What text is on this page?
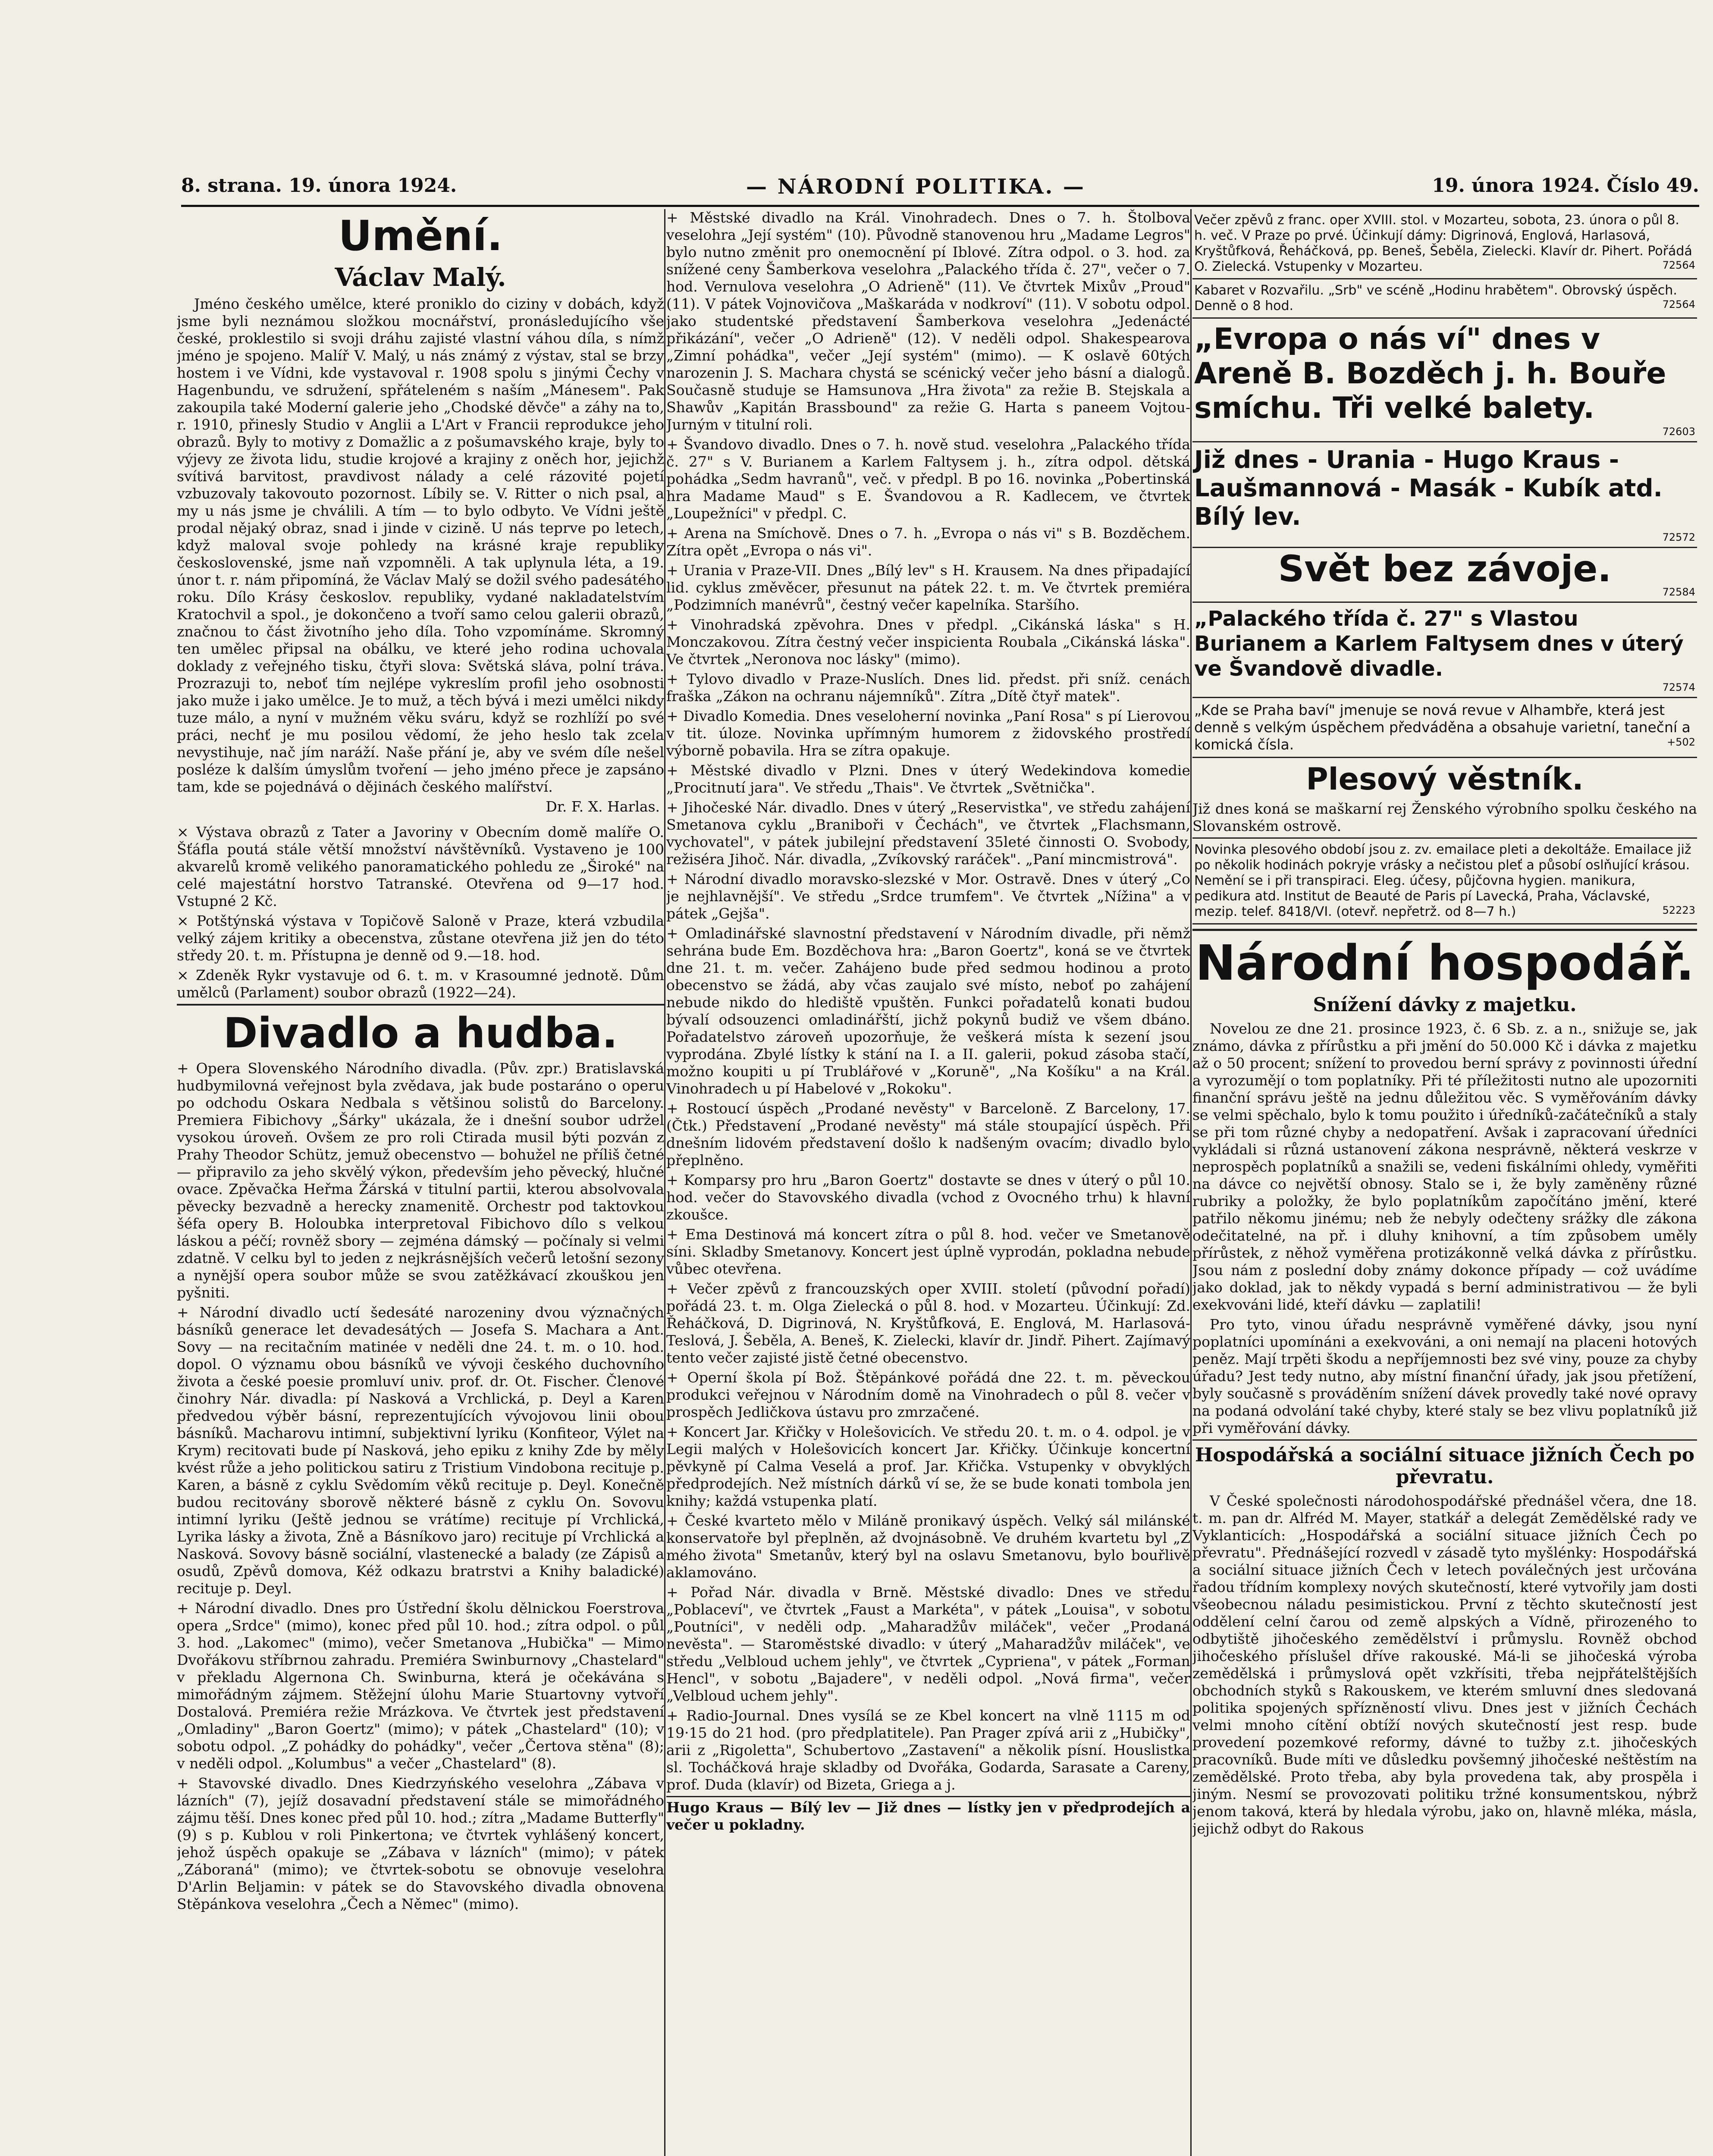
8. strana. 19. února 1924.	— NÁRODNÍ POLITIKA. —	19. února 1924. Číslo 49.
Umění.
Václav Malý.

Jméno českého umělce, které proniklo do ciziny v dobách, když jsme byli neznámou složkou mocnářství, pronásledujícího vše české, proklestilo si svoji dráhu zajisté vlastní váhou díla, s nímž jméno je spojeno. Malíř V. Malý, u nás známý z výstav, stal se brzy hostem i ve Vídni, kde vystavoval r. 1908 spolu s jinými Čechy v Hagenbundu, ve sdružení, spřáteleném s naším „Mánesem". Pak zakoupila také Moderní galerie jeho „Chodské děvče" a záhy na to, r. 1910, přinesly Studio v Anglii a L'Art v Francii reprodukce jeho obrazů. Byly to motivy z Domažlic a z pošumavského kraje, byly to výjevy ze života lidu, studie krojové a krajiny z oněch hor, jejichž svítivá barvitost, pravdivost nálady a celé rázovité pojetí vzbuzovaly takovouto pozornost. Líbily se. V. Ritter o nich psal, a my u nás jsme je chválili. A tím — to bylo odbyto. Ve Vídni ještě prodal nějaký obraz, snad i jinde v cizině. U nás teprve po letech, když maloval svoje pohledy na krásné kraje republiky československé, jsme naň vzpomněli. A tak uplynula léta, a 19. únor t. r. nám připomíná, že Václav Malý se dožil svého padesátého roku. Dílo Krásy českoslov. republiky, vydané nakladatelstvím Kratochvil a spol., je dokončeno a tvoří samo celou galerii obrazů, značnou to část životního jeho díla. Toho vzpomínáme. Skromný ten umělec připsal na obálku, ve které jeho rodina uchovala doklady z veřejného tisku, čtyři slova: Světská sláva, polní tráva. Prozrazuji to, neboť tím nejlépe vykreslím profil jeho osobnosti jako muže i jako umělce. Je to muž, a těch bývá i mezi umělci nikdy tuze málo, a nyní v mužném věku sváru, když se rozhlíží po své práci, nechť je mu posilou vědomí, že jeho heslo tak zcela nevystihuje, nač jím naráží. Naše přání je, aby ve svém díle nešel posléze k dalším úmyslům tvoření — jeho jméno přece je zapsáno tam, kde se pojednává o dějinách českého malířství.

Dr. F. X. Harlas.

× Výstava obrazů z Tater a Javoriny v Obecním domě malíře O. Šťáfla poutá stále větší množství návštěvníků. Vystaveno je 100 akvarelů kromě velikého panoramatického pohledu ze „Široké" na celé majestátní horstvo Tatranské. Otevřena od 9—17 hod. Vstupné 2 Kč.

× Potštýnská výstava v Topičově Saloně v Praze, která vzbudila velký zájem kritiky a obecenstva, zůstane otevřena již jen do této středy 20. t. m. Přístupna je denně od 9.—18. hod.

× Zdeněk Rykr vystavuje od 6. t. m. v Krasoumné jednotě. Dům umělců (Parlament) soubor obrazů (1922—24).

Divadlo a hudba.

+ Opera Slovenského Národního divadla. (Pův. zpr.) Bratislavská hudbymilovná veřejnost byla zvědava, jak bude postaráno o operu po odchodu Oskara Nedbala s většinou solistů do Barcelony. Premiera Fibichovy „Šárky" ukázala, že i dnešní soubor udržel vysokou úroveň. Ovšem ze pro roli Ctirada musil býti pozván z Prahy Theodor Schütz, jemuž obecenstvo — bohužel ne příliš četné — připravilo za jeho skvělý výkon, především jeho pěvecký, hlučné ovace. Zpěvačka Heřma Žárská v titulní partii, kterou absolvovala pěvecky bezvadně a herecky znamenitě. Orchestr pod taktovkou šéfa opery B. Holoubka interpretoval Fibichovo dílo s velkou láskou a péčí; rovněž sbory — zejména dámský — počínaly si velmi zdatně. V celku byl to jeden z nejkrásnějších večerů letošní sezony a nynější opera soubor může se svou zatěžkávací zkouškou jen pyšniti.

+ Národní divadlo uctí šedesáté narozeniny dvou význačných básníků generace let devadesátých — Josefa S. Machara a Ant. Sovy — na recitačním matinée v neděli dne 24. t. m. o 10. hod. dopol. O významu obou básníků ve vývoji českého duchovního života a české poesie promluví univ. prof. dr. Ot. Fischer. Členové činohry Nár. divadla: pí Nasková a Vrchlická, p. Deyl a Karen předvedou výběr básní, reprezentujících vývojovou linii obou básníků. Macharovu intimní, subjektivní lyriku (Konfiteor, Výlet na Krym) recitovati bude pí Nasková, jeho epiku z knihy Zde by měly kvést růže a jeho politickou satiru z Tristium Vindobona recituje p. Karen, a básně z cyklu Svědomím věků recituje p. Deyl. Konečně budou recitovány sborově některé básně z cyklu On. Sovovu intimní lyriku (Ještě jednou se vrátíme) recituje pí Vrchlická, Lyrika lásky a života, Zně a Básníkovo jaro) recituje pí Vrchlická a Nasková. Sovovy básně sociální, vlastenecké a balady (ze Zápisů a osudů, Zpěvů domova, Kéž odkazu bratrstvi a Knihy baladické) recituje p. Deyl.

+ Národní divadlo. Dnes pro Ústřední školu dělnickou Foerstrova opera „Srdce" (mimo), konec před půl 10. hod.; zítra odpol. o půl 3. hod. „Lakomec" (mimo), večer Smetanova „Hubička" — Mimo Dvořákovu stříbrnou zahradu. Premiéra Swinburnovy „Chastelard" v překladu Algernona Ch. Swinburna, která je očekávána s mimořádným zájmem. Stěžejní úlohu Marie Stuartovny vytvoří Dostalová. Premiéra režie Mrázkova. Ve čtvrtek jest představení „Omladiny" „Baron Goertz" (mimo); v pátek „Chastelard" (10); v sobotu odpol. „Z pohádky do pohádky", večer „Čertova stěna" (8); v neděli odpol. „Kolumbus" a večer „Chastelard" (8).

+ Stavovské divadlo. Dnes Kiedrzyńského veselohra „Zábava v lázních" (7), jejíž dosavadní představení stále se mimořádného zájmu těší. Dnes konec před půl 10. hod.; zítra „Madame Butterfly" (9) s p. Kublou v roli Pinkertona; ve čtvrtek vyhlášený koncert, jehož úspěch opakuje se „Zábava v lázních" (mimo); v pátek „Záboraná" (mimo); ve čtvrtek-sobotu se obnovuje veselohra D'Arlin Beljamin: v pátek se do Stavovského divadla obnovena Stěpánkova veselohra „Čech a Němec" (mimo).

+ Městské divadlo na Král. Vinohradech. Dnes o 7. h. Štolbova veselohra „Její systém" (10). Původně stanovenou hru „Madame Legros" bylo nutno změnit pro onemocnění pí Iblové. Zítra odpol. o 3. hod. za snížené ceny Šamberkova veselohra „Palackého třída č. 27", večer o 7. hod. Vernulova veselohra „O Adrieně" (11). Ve čtvrtek Mixův „Proud" (11). V pátek Vojnovičova „Maškaráda v nodkroví" (11). V sobotu odpol. jako studentské představení Šamberkova veselohra „Jedenácté přikázání", večer „O Adrieně" (12). V neděli odpol. Shakespearova „Zimní pohádka", večer „Její systém" (mimo). — K oslavě 60tých narozenin J. S. Machara chystá se scénický večer jeho básní a dialogů. Současně studuje se Hamsunova „Hra života" za režie B. Stejskala a Shawův „Kapitán Brassbound" za režie G. Harta s paneem Vojtou-Jurným v titulní roli.

+ Švandovo divadlo. Dnes o 7. h. nově stud. veselohra „Palackého třída č. 27" s V. Burianem a Karlem Faltysem j. h., zítra odpol. dětská pohádka „Sedm havranů", več. v předpl. B po 16. novinka „Pobertinská hra Madame Maud" s E. Švandovou a R. Kadlecem, ve čtvrtek „Loupežníci" v předpl. C.

+ Arena na Smíchově. Dnes o 7. h. „Evropa o nás vi" s B. Bozděchem. Zítra opět „Evropa o nás vi".

+ Urania v Praze-VII. Dnes „Bílý lev" s H. Krausem. Na dnes připadající lid. cyklus změvěcer, přesunut na pátek 22. t. m. Ve čtvrtek premiéra „Podzimních manévrů", čestný večer kapelníka. Staršího.

+ Vinohradská zpěvohra. Dnes v předpl. „Cikánská láska" s H. Monczakovou. Zítra čestný večer inspicienta Roubala „Cikánská láska". Ve čtvrtek „Neronova noc lásky" (mimo).

+ Tylovo divadlo v Praze-Nuslích. Dnes lid. předst. při sníž. cenách fraška „Zákon na ochranu nájemníků". Zítra „Dítě čtyř matek".

+ Divadlo Komedia. Dnes veseloherní novinka „Paní Rosa" s pí Lierovou v tit. úloze. Novinka upřímným humorem z židovského prostředí výborně pobavila. Hra se zítra opakuje.

+ Městské divadlo v Plzni. Dnes v úterý Wedekindova komedie „Procitnutí jara". Ve středu „Thais". Ve čtvrtek „Světnička".

+ Jihočeské Nár. divadlo. Dnes v úterý „Reservistka", ve středu zahájení Smetanova cyklu „Braniboři v Čechách", ve čtvrtek „Flachsmann, vychovatel", v pátek jubilejní představení 35leté činnosti O. Svobody, režiséra Jihoč. Nár. divadla, „Zvíkovský raráček". „Paní mincmistrová".

+ Národní divadlo moravsko-slezské v Mor. Ostravě. Dnes v úterý „Co je nejhlavnější". Ve středu „Srdce trumfem". Ve čtvrtek „Nížina" a v pátek „Gejša".

+ Omladinářské slavnostní představení v Národním divadle, při němž sehrána bude Em. Bozděchova hra: „Baron Goertz", koná se ve čtvrtek dne 21. t. m. večer. Zahájeno bude před sedmou hodinou a proto obecenstvo se žádá, aby včas zaujalo své místo, neboť po zahájení nebude nikdo do hlediště vpuštěn. Funkci pořadatelů konati budou bývalí odsouzenci omladinářští, jichž pokynů budiž ve všem dbáno. Pořadatelstvo zároveň upozorňuje, že veškerá místa k sezení jsou vyprodána. Zbylé lístky k stání na I. a II. galerii, pokud zásoba stačí, možno koupiti u pí Trublářové v „Koruně", „Na Košíku" a na Král. Vinohradech u pí Habelové v „Rokoku".

+ Rostoucí úspěch „Prodané nevěsty" v Barceloně. Z Barcelony, 17. (Čtk.) Představení „Prodané nevěsty" má stále stoupající úspěch. Při dnešním lidovém představení došlo k nadšeným ovacím; divadlo bylo přeplněno.

+ Komparsy pro hru „Baron Goertz" dostavte se dnes v úterý o půl 10. hod. večer do Stavovského divadla (vchod z Ovocného trhu) k hlavní zkoušce.

+ Ema Destinová má koncert zítra o půl 8. hod. večer ve Smetanově síni. Skladby Smetanovy. Koncert jest úplně vyprodán, pokladna nebude vůbec otevřena.

+ Večer zpěvů z francouzských oper XVIII. století (původní pořadí) pořádá 23. t. m. Olga Zielecká o půl 8. hod. v Mozarteu. Účinkují: Zd. Řeháčková, D. Digrinová, N. Kryštůfková, E. Englová, M. Harlasová-Teslová, J. Šeběla, A. Beneš, K. Zielecki, klavír dr. Jindř. Pihert. Zajímavý tento večer zajisté jistě četné obecenstvo.

+ Operní škola pí Bož. Štěpánkové pořádá dne 22. t. m. pěveckou produkci veřejnou v Národním domě na Vinohradech o půl 8. večer v prospěch Jedličkova ústavu pro zmrzačené.

+ Koncert Jar. Křičky v Holešovicích. Ve středu 20. t. m. o 4. odpol. je v Legii malých v Holešovicích koncert Jar. Křičky. Účinkuje koncertní pěvkyně pí Calma Veselá a prof. Jar. Křička. Vstupenky v obvyklých předprodejích. Než místních dárků ví se, že se bude konati tombola jen knihy; každá vstupenka platí.

+ České kvarteto mělo v Miláně pronikavý úspěch. Velký sál milánské konservatoře byl přeplněn, až dvojnásobně. Ve druhém kvartetu byl „Z mého života" Smetanův, který byl na oslavu Smetanovu, bylo bouřlivě aklamováno.

+ Pořad Nár. divadla v Brně. Městské divadlo: Dnes ve středu „Poblaceví", ve čtvrtek „Faust a Markéta", v pátek „Louisa", v sobotu „Poutníci", v neděli odp. „Maharadžův miláček", večer „Prodaná nevěsta". — Staroměstské divadlo: v úterý „Maharadžův miláček", ve středu „Velbloud uchem jehly", ve čtvrtek „Cypriena", v pátek „Forman Hencl", v sobotu „Bajadere", v neděli odpol. „Nová firma", večer „Velbloud uchem jehly".

+ Radio-Journal. Dnes vysílá se ze Kbel koncert na vlně 1115 m od 19·15 do 21 hod. (pro předplatitele). Pan Prager zpívá arii z „Hubičky", arii z „Rigoletta", Schubertovo „Zastavení" a několik písní. Houslistka sl. Tocháčková hraje skladby od Dvořáka, Godarda, Sarasate a Careny, prof. Duda (klavír) od Bizeta, Griega a j.

Hugo Kraus — Bílý lev — Již dnes — lístky jen v předprodejích a večer u pokladny.

Večer zpěvů z franc. oper XVIII. stol. v Mozarteu, sobota, 23. února o půl 8. h. več. V Praze po prvé. Účinkují dámy: Digrinová, Englová, Harlasová, Kryštůfková, Řeháčková, pp. Beneš, Šeběla, Zielecki. Klavír dr. Pihert. Pořádá O. Zielecká. Vstupenky v Mozarteu.	72564
Kabaret v Rozvařilu. „Srb" ve scéně „Hodinu hrabětem". Obrovský úspěch. Denně o 8 hod.	72564
„Evropa o nás ví" dnes v Areně B. Bozděch j. h. Bouře smíchu. Tři velké balety.
72603
Již dnes - Urania - Hugo Kraus - Laušmannová - Masák - Kubík atd. Bílý lev.
72572
Svět bez závoje.
72584
„Palackého třída č. 27" s Vlastou Burianem a Karlem Faltysem dnes v úterý ve Švandově divadle.
72574
„Kde se Praha baví" jmenuje se nová revue v Alhambře, která jest denně s velkým úspěchem předváděna a obsahuje varietní, taneční a komická čísla.	+502
Plesový věstník.

Již dnes koná se maškarní rej Ženského výrobního spolku českého na Slovanském ostrově.

Novinka plesového období jsou z. zv. emailace pleti a dekoltáže. Emailace již po několik hodinách pokryje vrásky a nečistou pleť a působí oslňující krásou. Nemění se i při transpiraci. Eleg. účesy, půjčovna hygien. manikura, pedikura atd. Institut de Beauté de Paris pí Lavecká, Praha, Václavské, mezip. telef. 8418/VI. (otevř. nepřetrž. od 8—7 h.)	52223
Národní hospodář.
Snížení dávky z majetku.

Novelou ze dne 21. prosince 1923, č. 6 Sb. z. a n., snižuje se, jak známo, dávka z přírůstku a při jmění do 50.000 Kč i dávka z majetku až o 50 procent; snížení to provedou berní správy z povinnosti úřední a vyrozumějí o tom poplatníky. Při té příležitosti nutno ale upozorniti finanční správu ještě na jednu důležitou věc. S vyměřováním dávky se velmi spěchalo, bylo k tomu použito i úředníků-začátečníků a staly se při tom různé chyby a nedopatření. Avšak i zapracovaní úředníci vykládali si různá ustanovení zákona nesprávně, některá veskrze v neprospěch poplatníků a snažili se, vedeni fiskálními ohledy, vyměřiti na dávce co největší obnosy. Stalo se i, že byly zaměněny různé rubriky a položky, že bylo poplatníkům započítáno jmění, které patřilo někomu jinému; neb že nebyly odečteny srážky dle zákona odečitatelné, na př. i dluhy knihovní, a tím způsobem uměly přírůstek, z něhož vyměřena protizákonně velká dávka z přírůstku. Jsou nám z poslední doby známy dokonce případy — což uvádíme jako doklad, jak to někdy vypadá s berní administrativou — že byli exekvováni lidé, kteří dávku — zaplatili!

Pro tyto, vinou úřadu nesprávně vyměřené dávky, jsou nyní poplatníci upomínáni a exekvováni, a oni nemají na placeni hotových peněz. Mají trpěti škodu a nepříjemnosti bez své viny, pouze za chyby úřadu? Jest tedy nutno, aby místní finanční úřady, jak jsou přetížení, byly současně s prováděním snížení dávek provedly také nové opravy na podaná odvolání také chyby, které staly se bez vlivu poplatníků již při vyměřování dávky.

Hospodářská a sociální situace jižních Čech po převratu.

V České společnosti národohospodářské přednášel včera, dne 18. t. m. pan dr. Alfréd M. Mayer, statkář a delegát Zemědělské rady ve Vyklanticích: „Hospodářská a sociální situace jižních Čech po převratu". Přednášející rozvedl v zásadě tyto myšlénky: Hospodářská a sociální situace jižních Čech v letech poválečných jest určována řadou třídním komplexy nových skutečností, které vytvořily jam dosti všeobecnou náladu pesimistickou. První z těchto skutečností jest oddělení celní čarou od země alpských a Vídně, přirozeného to odbytiště jihočeského zemědělství i průmyslu. Rovněž obchod jihočeského příslušel dříve rakouské. Má-li se jihočeská výroba zemědělská i průmyslová opět vzkřísiti, třeba nejpřátelštějších obchodních styků s Rakouskem, ve kterém smluvní dnes sledovaná politika spojených spřízněností vlivu. Dnes jest v jižních Čechách velmi mnoho cítění obtíží nových skutečností jest resp. bude provedení pozemkové reformy, dávné to tužby z.t. jihočeských pracovníků. Bude míti ve důsledku povšemný jihočeské neštěstím na zemědělské. Proto třeba, aby byla provedena tak, aby prospěla i jiným. Nesmí se provozovati politiku tržné konsumentskou, nýbrž jenom taková, která by hledala výrobu, jako on, hlavně mléka, másla, jejichž odbyt do Rakous
